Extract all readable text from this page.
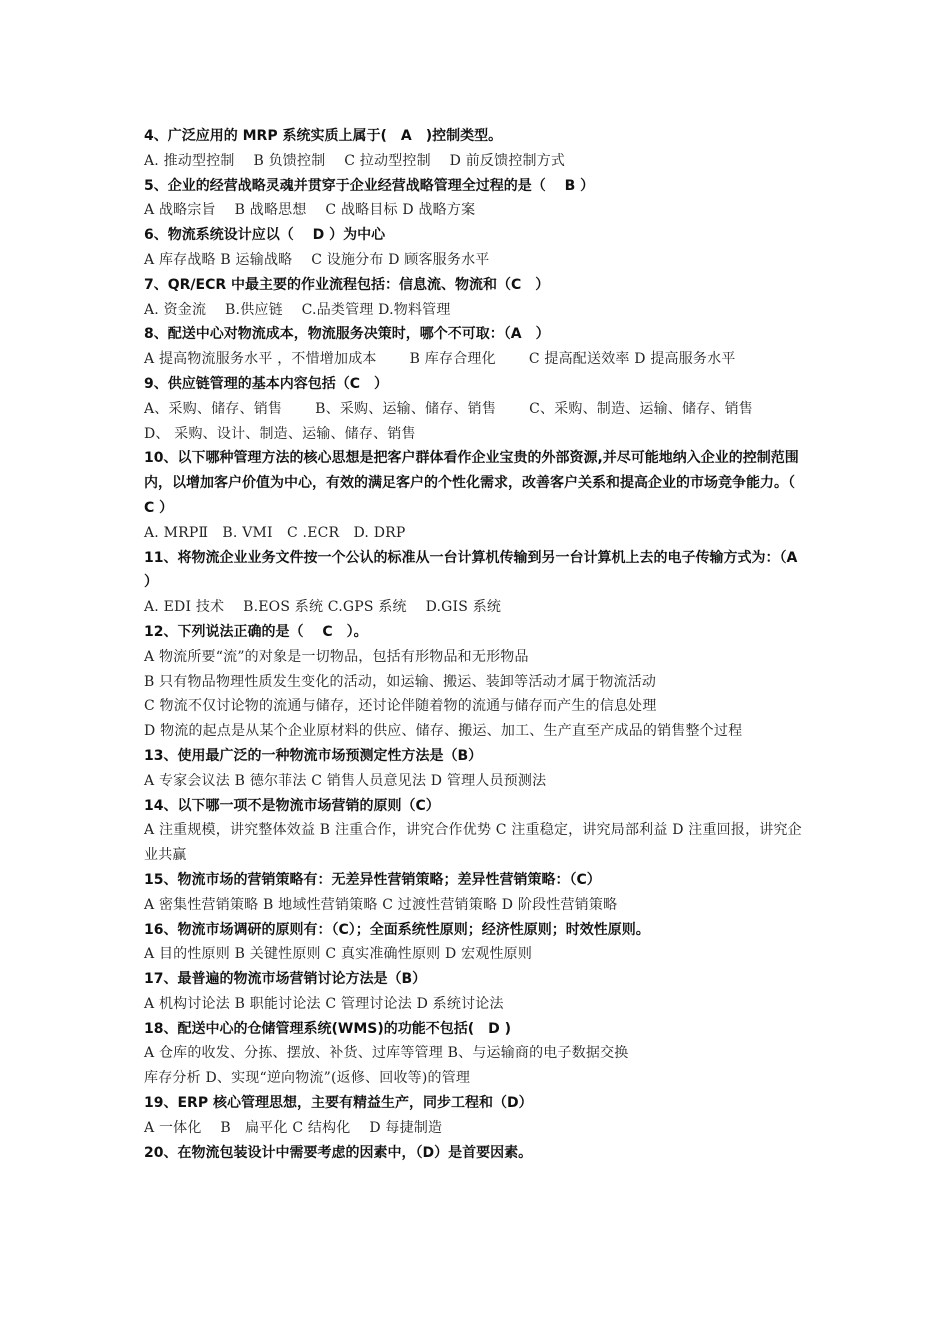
4、广泛应用的 MRP 系统实质上属于(　A　)控制类型。

A. 推动型控制　 B 负馈控制　 C 拉动型控制　 D 前反馈控制方式

5、企业的经营战略灵魂并贯穿于企业经营战略管理全过程的是（　 B ）

A 战略宗旨　 B 战略思想　 C 战略目标 D 战略方案

6、物流系统设计应以（　 D ）为中心

A 库存战略 B 运输战略　 C 设施分布 D 顾客服务水平

7、QR/ECR 中最主要的作业流程包括：信息流、物流和（C　）

A. 资金流　 B.供应链　 C.品类管理 D.物料管理

8、配送中心对物流成本，物流服务决策时，哪个不可取：（A　）

A 提高物流服务水平 ，不惜增加成本　　 B 库存合理化　　 C 提高配送效率 D 提高服务水平

9、供应链管理的基本内容包括（C　）

A、采购、储存、销售　　 B、采购、运输、储存、销售　　 C、采购、制造、运输、储存、销售　　　 D、 采购、设计、制造、运输、储存、销售

10、以下哪种管理方法的核心思想是把客户群体看作企业宝贵的外部资源,并尽可能地纳入企业的控制范围内，以增加客户价值为中心，有效的满足客户的个性化需求，改善客户关系和提高企业的市场竞争能力。（ C ）

A. MRPⅡ　B. VMI　C .ECR　D. DRP

11、将物流企业业务文件按一个公认的标准从一台计算机传输到另一台计算机上去的电子传输方式为：（A　）

A. EDI 技术　 B.EOS 系统 C.GPS 系统　 D.GIS 系统

12、下列说法正确的是（　 C　）。

A 物流所要“流”的对象是一切物品，包括有形物品和无形物品

B 只有物品物理性质发生变化的活动，如运输、搬运、装卸等活动才属于物流活动

C 物流不仅讨论物的流通与储存，还讨论伴随着物的流通与储存而产生的信息处理

D 物流的起点是从某个企业原材料的供应、储存、搬运、加工、生产直至产成品的销售整个过程

13、使用最广泛的一种物流市场预测定性方法是（B）

A 专家会议法 B 德尔菲法 C 销售人员意见法 D 管理人员预测法

14、以下哪一项不是物流市场营销的原则（C）

A 注重规模，讲究整体效益 B 注重合作，讲究合作优势 C 注重稳定，讲究局部利益 D 注重回报，讲究企业共赢

15、物流市场的营销策略有：无差异性营销策略；差异性营销策略：（C）

A 密集性营销策略 B 地域性营销策略 C 过渡性营销策略 D 阶段性营销策略

16、物流市场调研的原则有：（C）；全面系统性原则；经济性原则；时效性原则。

A 目的性原则 B 关键性原则 C 真实准确性原则 D 宏观性原则

17、最普遍的物流市场营销讨论方法是（B）

A 机构讨论法 B 职能讨论法 C 管理讨论法 D 系统讨论法

18、配送中心的仓储管理系统(WMS)的功能不包括(　D )

A 仓库的收发、分拣、摆放、补货、过库等管理 B、与运输商的电子数据交换

库存分析 D、实现“逆向物流”(返修、回收等)的管理

19、ERP 核心管理思想，主要有精益生产，同步工程和（D）

A 一体化　 B　扁平化 C 结构化　 D 每捷制造

20、在物流包装设计中需要考虑的因素中，（D）是首要因素。
